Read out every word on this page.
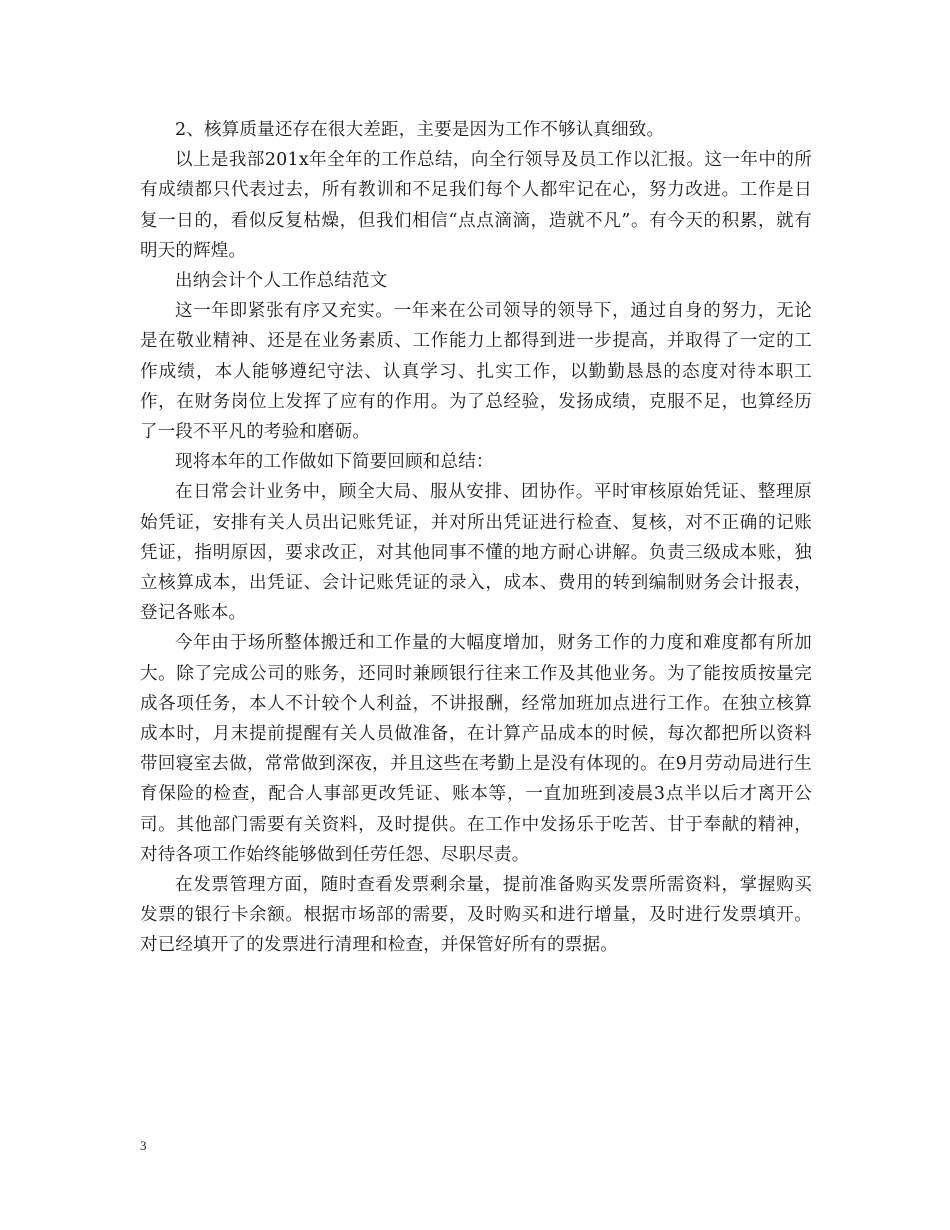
2、核算质量还存在很大差距，主要是因为工作不够认真细致。

以上是我部201x年全年的工作总结，向全行领导及员工作以汇报。这一年中的所有成绩都只代表过去，所有教训和不足我们每个人都牢记在心，努力改进。工作是日复一日的，看似反复枯燥，但我们相信“点点滴滴，造就不凡”。有今天的积累，就有明天的辉煌。

出纳会计个人工作总结范文

这一年即紧张有序又充实。一年来在公司领导的领导下，通过自身的努力，无论是在敬业精神、还是在业务素质、工作能力上都得到进一步提高，并取得了一定的工作成绩，本人能够遵纪守法、认真学习、扎实工作，以勤勤恳恳的态度对待本职工作，在财务岗位上发挥了应有的作用。为了总经验，发扬成绩，克服不足，也算经历了一段不平凡的考验和磨砺。

现将本年的工作做如下简要回顾和总结：

在日常会计业务中，顾全大局、服从安排、团协作。平时审核原始凭证、整理原始凭证，安排有关人员出记账凭证，并对所出凭证进行检查、复核，对不正确的记账凭证，指明原因，要求改正，对其他同事不懂的地方耐心讲解。负责三级成本账，独立核算成本，出凭证、会计记账凭证的录入，成本、费用的转到编制财务会计报表，登记各账本。

今年由于场所整体搬迁和工作量的大幅度增加，财务工作的力度和难度都有所加大。除了完成公司的账务，还同时兼顾银行往来工作及其他业务。为了能按质按量完成各项任务，本人不计较个人利益，不讲报酬，经常加班加点进行工作。在独立核算成本时，月末提前提醒有关人员做准备，在计算产品成本的时候，每次都把所以资料带回寝室去做，常常做到深夜，并且这些在考勤上是没有体现的。在9月劳动局进行生育保险的检查，配合人事部更改凭证、账本等，一直加班到凌晨3点半以后才离开公司。其他部门需要有关资料，及时提供。在工作中发扬乐于吃苦、甘于奉献的精神，对待各项工作始终能够做到任劳任怨、尽职尽责。

在发票管理方面，随时查看发票剩余量，提前准备购买发票所需资料，掌握购买发票的银行卡余额。根据市场部的需要，及时购买和进行增量，及时进行发票填开。对已经填开了的发票进行清理和检查，并保管好所有的票据。

3
